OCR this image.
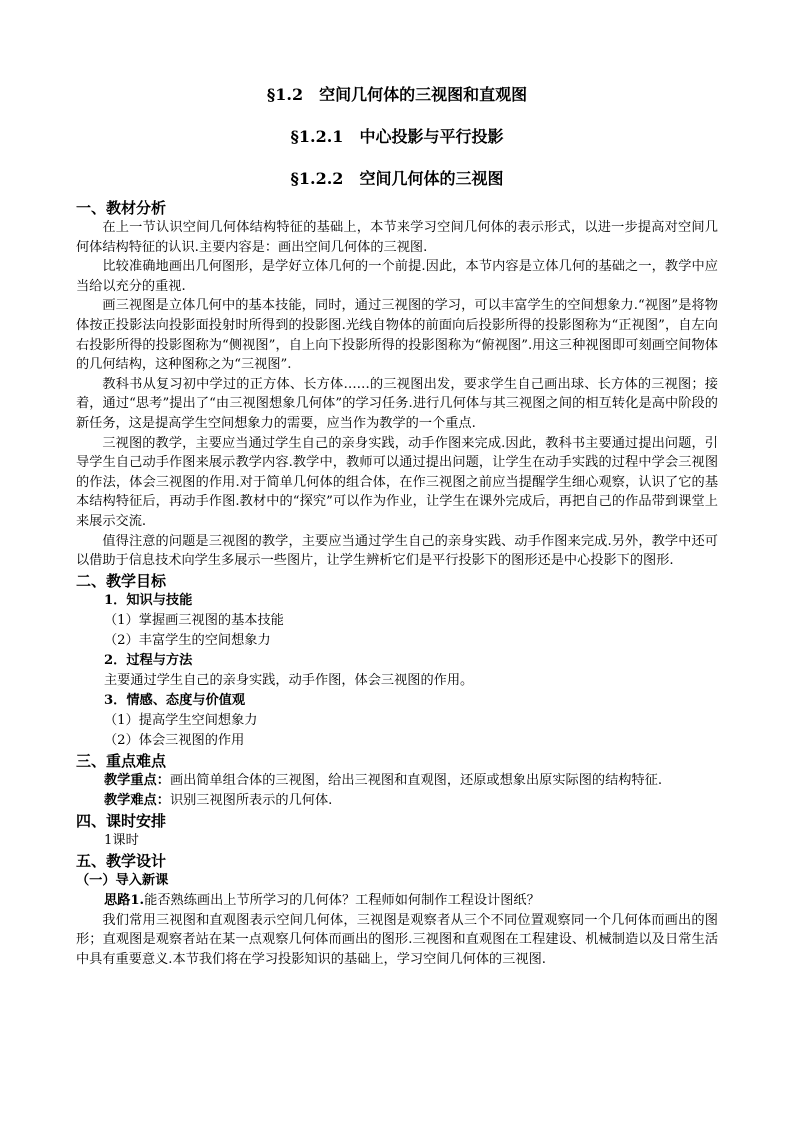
§1.2　空间几何体的三视图和直观图

§1.2.1　中心投影与平行投影

§1.2.2　空间几何体的三视图

一、教材分析

在上一节认识空间几何体结构特征的基础上，本节来学习空间几何体的表示形式，以进一步提高对空间几何体结构特征的认识.主要内容是：画出空间几何体的三视图.

比较准确地画出几何图形，是学好立体几何的一个前提.因此，本节内容是立体几何的基础之一，教学中应当给以充分的重视.

画三视图是立体几何中的基本技能，同时，通过三视图的学习，可以丰富学生的空间想象力.“视图”是将物体按正投影法向投影面投射时所得到的投影图.光线自物体的前面向后投影所得的投影图称为“正视图”，自左向右投影所得的投影图称为“侧视图”，自上向下投影所得的投影图称为“俯视图”.用这三种视图即可刻画空间物体的几何结构，这种图称之为“三视图”.

教科书从复习初中学过的正方体、长方体……的三视图出发，要求学生自己画出球、长方体的三视图；接着，通过“思考”提出了“由三视图想象几何体”的学习任务.进行几何体与其三视图之间的相互转化是高中阶段的新任务，这是提高学生空间想象力的需要，应当作为教学的一个重点.

三视图的教学，主要应当通过学生自己的亲身实践，动手作图来完成.因此，教科书主要通过提出问题，引导学生自己动手作图来展示教学内容.教学中，教师可以通过提出问题，让学生在动手实践的过程中学会三视图的作法，体会三视图的作用.对于简单几何体的组合体，在作三视图之前应当提醒学生细心观察，认识了它的基本结构特征后，再动手作图.教材中的“探究”可以作为作业，让学生在课外完成后，再把自己的作品带到课堂上来展示交流.

值得注意的问题是三视图的教学，主要应当通过学生自己的亲身实践、动手作图来完成.另外，教学中还可以借助于信息技术向学生多展示一些图片，让学生辨析它们是平行投影下的图形还是中心投影下的图形.

二、教学目标

1．知识与技能

（1）掌握画三视图的基本技能

（2）丰富学生的空间想象力

2．过程与方法

主要通过学生自己的亲身实践，动手作图，体会三视图的作用。

3．情感、态度与价值观

（1）提高学生空间想象力

（2）体会三视图的作用

三、重点难点

教学重点：画出简单组合体的三视图，给出三视图和直观图，还原或想象出原实际图的结构特征.

教学难点：识别三视图所表示的几何体.

四、课时安排

1课时

五、教学设计

（一）导入新课

思路1.能否熟练画出上节所学习的几何体？工程师如何制作工程设计图纸？

我们常用三视图和直观图表示空间几何体，三视图是观察者从三个不同位置观察同一个几何体而画出的图形；直观图是观察者站在某一点观察几何体而画出的图形.三视图和直观图在工程建设、机械制造以及日常生活中具有重要意义.本节我们将在学习投影知识的基础上，学习空间几何体的三视图.
